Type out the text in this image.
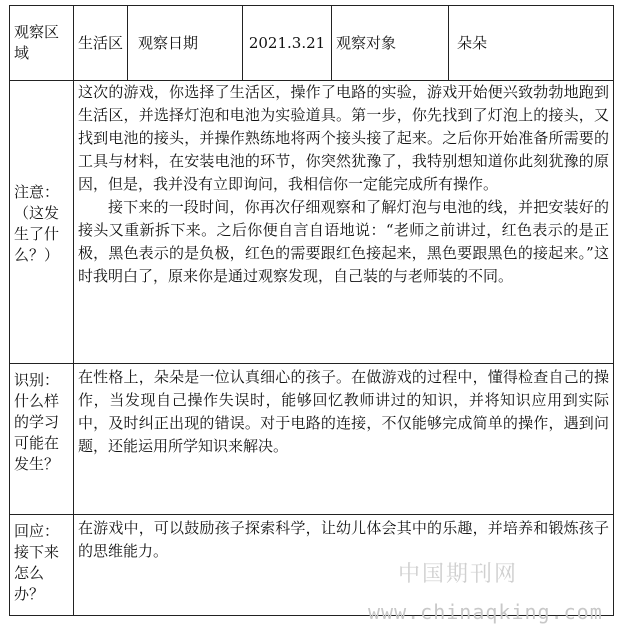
观察区域
生活区 观察日期	2021.3.21 观察对象	朵朵
注意：（这发生了什么？）

这次的游戏，你选择了生活区，操作了电路的实验，游戏开始便兴致勃勃地跑到生活区，并选择灯泡和电池为实验道具。第一步，你先找到了灯泡上的接头，又找到电池的接头，并操作熟练地将两个接头接了起来。之后你开始准备所需要的工具与材料，在安装电池的环节，你突然犹豫了，我特别想知道你此刻犹豫的原因，但是，我并没有立即询问，我相信你一定能完成所有操作。

接下来的一段时间，你再次仔细观察和了解灯泡与电池的线，并把安装好的接头又重新拆下来。之后你便自言自语地说：“老师之前讲过，红色表示的是正极，黑色表示的是负极，红色的需要跟红色接起来，黑色要跟黑色的接起来。”这时我明白了，原来你是通过观察发现，自己装的与老师装的不同。

识别：什么样的学习可能在发生？
在性格上，朵朵是一位认真细心的孩子。在做游戏的过程中，懂得检查自己的操作，当发现自己操作失误时，能够回忆教师讲过的知识，并将知识应用到实际中，及时纠正出现的错误。对于电路的连接，不仅能够完成简单的操作，遇到问题，还能运用所学知识来解决。
回应：接下来怎么办？
在游戏中，可以鼓励孩子探索科学，让幼儿体会其中的乐趣，并培养和锻炼孩子的思维能力。
中国期刊网
www.chinaqking.com
